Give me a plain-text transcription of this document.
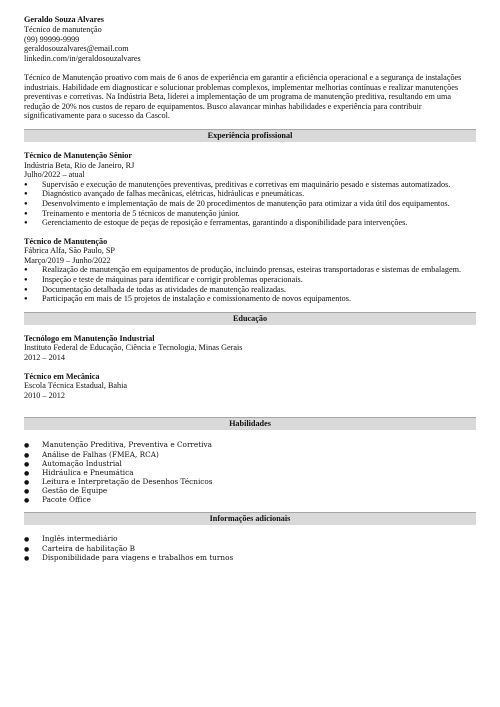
Geraldo Souza Alvares
Técnico de manutenção
(99) 99999-9999
geraldosouzalvares@email.com
linkedin.com/in/geraldosouzalvares
Técnico de Manutenção proativo com mais de 6 anos de experiência em garantir a eficiência operacional e a segurança de instalações industriais. Habilidade em diagnosticar e solucionar problemas complexos, implementar melhorias contínuas e realizar manutenções preventivas e corretivas. Na Indústria Beta, liderei a implementação de um programa de manutenção preditiva, resultando em uma redução de 20% nos custos de reparo de equipamentos. Busco alavancar minhas habilidades e experiência para contribuir significativamente para o sucesso da Cascol.
Experiência profissional
Técnico de Manutenção Sênior
Indústria Beta, Rio de Janeiro, RJ
Julho/2022 – atual
● Supervisão e execução de manutenções preventivas, preditivas e corretivas em maquinário pesado e sistemas automatizados.
● Diagnóstico avançado de falhas mecânicas, elétricas, hidráulicas e pneumáticas.
● Desenvolvimento e implementação de mais de 20 procedimentos de manutenção para otimizar a vida útil dos equipamentos.
● Treinamento e mentoria de 5 técnicos de manutenção júnior.
● Gerenciamento de estoque de peças de reposição e ferramentas, garantindo a disponibilidade para intervenções.
Técnico de Manutenção
Fábrica Alfa, São Paulo, SP
Março/2019 – Junho/2022
● Realização de manutenção em equipamentos de produção, incluindo prensas, esteiras transportadoras e sistemas de embalagem.
● Inspeção e teste de máquinas para identificar e corrigir problemas operacionais.
● Documentação detalhada de todas as atividades de manutenção realizadas.
● Participação em mais de 15 projetos de instalação e comissionamento de novos equipamentos.
Educação
Tecnólogo em Manutenção Industrial
Instituto Federal de Educação, Ciência e Tecnologia, Minas Gerais
2012 – 2014
Técnico em Mecânica
Escola Técnica Estadual, Bahia
2010 – 2012
Habilidades
● Manutenção Preditiva, Preventiva e Corretiva
● Análise de Falhas (FMEA, RCA)
● Automação Industrial
● Hidráulica e Pneumática
● Leitura e Interpretação de Desenhos Técnicos
● Gestão de Equipe
● Pacote Office
Informações adicionais
● Inglês intermediário
● Carteira de habilitação B
● Disponibilidade para viagens e trabalhos em turnos
